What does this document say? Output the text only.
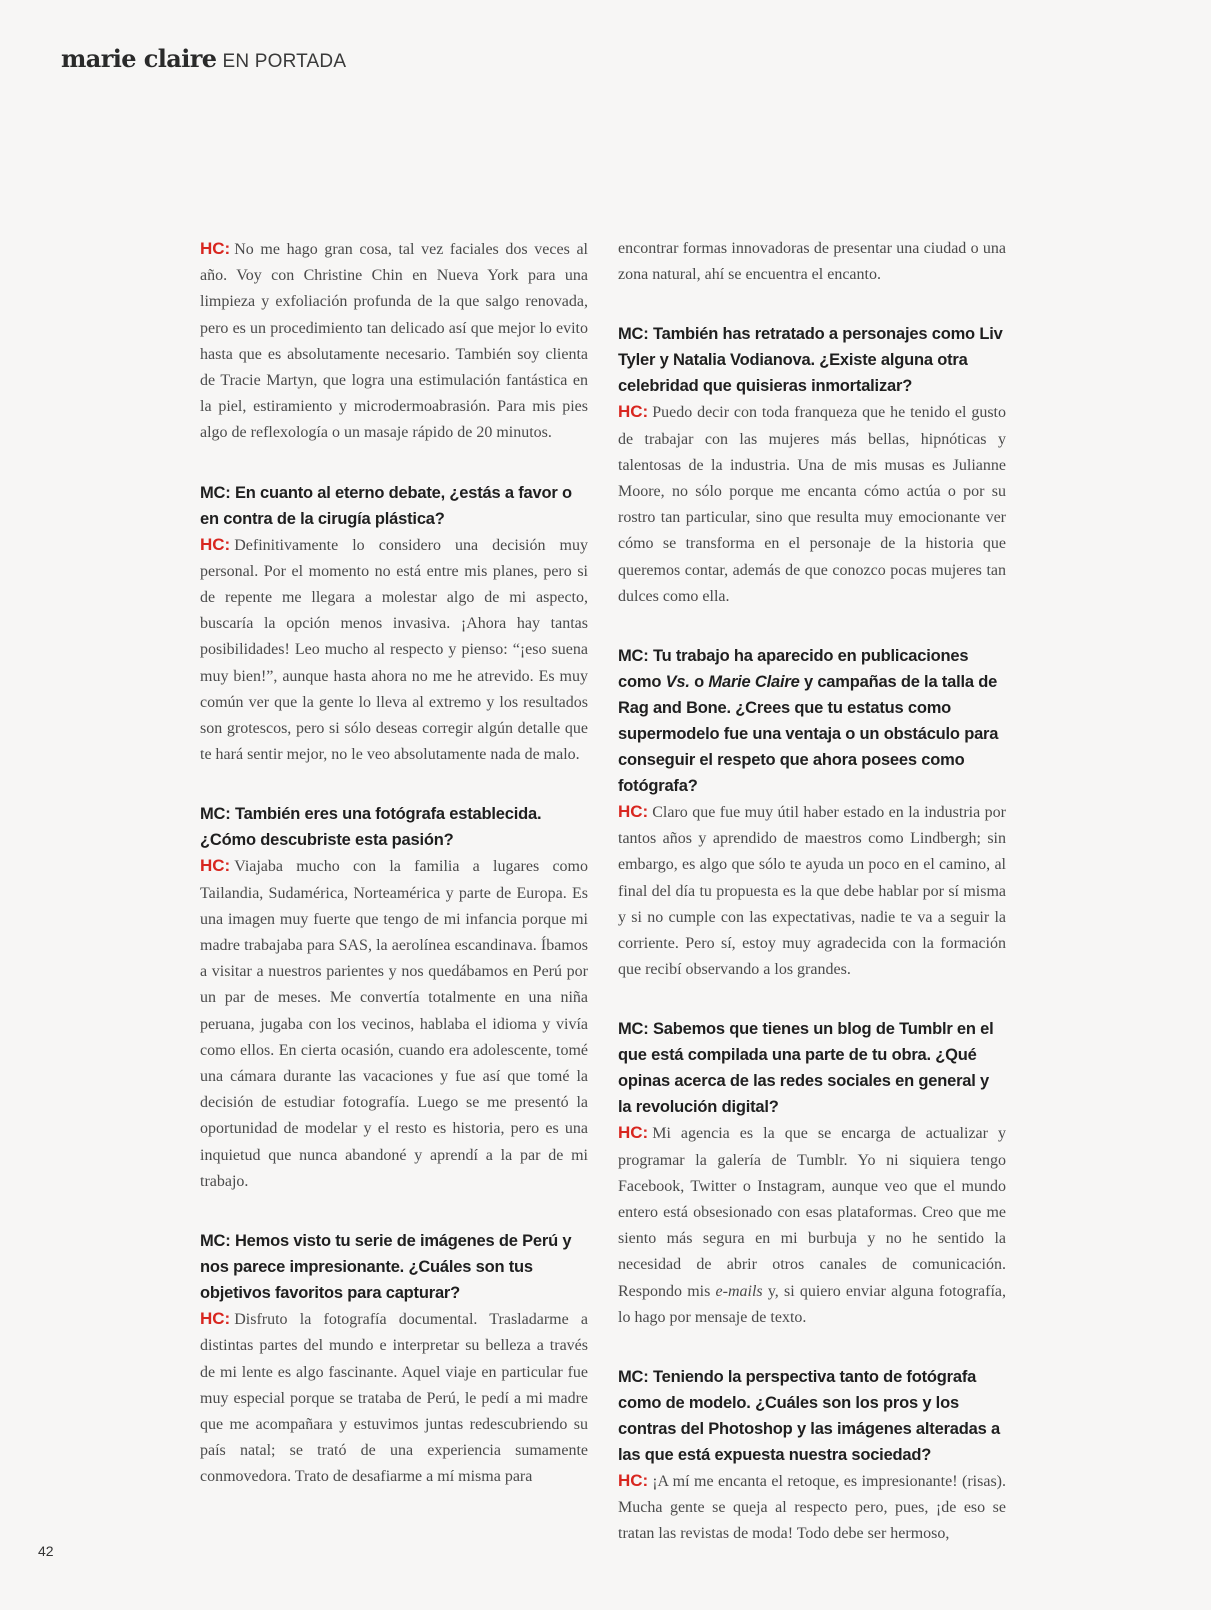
marie claire EN PORTADA
HC: No me hago gran cosa, tal vez faciales dos veces al año. Voy con Christine Chin en Nueva York para una limpieza y exfoliación profunda de la que salgo renovada, pero es un procedimiento tan delicado así que mejor lo evito hasta que es absolutamente necesario. También soy clienta de Tracie Martyn, que logra una estimulación fantástica en la piel, estiramiento y microdermoabrasión. Para mis pies algo de reflexología o un masaje rápido de 20 minutos.
MC: En cuanto al eterno debate, ¿estás a favor o en contra de la cirugía plástica?
HC: Definitivamente lo considero una decisión muy personal. Por el momento no está entre mis planes, pero si de repente me llegara a molestar algo de mi aspecto, buscaría la opción menos invasiva. ¡Ahora hay tantas posibilidades! Leo mucho al respecto y pienso: “¡eso suena muy bien!”, aunque hasta ahora no me he atrevido. Es muy común ver que la gente lo lleva al extremo y los resultados son grotescos, pero si sólo deseas corregir algún detalle que te hará sentir mejor, no le veo absolutamente nada de malo.
MC: También eres una fotógrafa establecida. ¿Cómo descubriste esta pasión?
HC: Viajaba mucho con la familia a lugares como Tailandia, Sudamérica, Norteamérica y parte de Europa. Es una imagen muy fuerte que tengo de mi infancia porque mi madre trabajaba para SAS, la aerolínea escandinava. Íbamos a visitar a nuestros parientes y nos quedábamos en Perú por un par de meses. Me convertía totalmente en una niña peruana, jugaba con los vecinos, hablaba el idioma y vivía como ellos. En cierta ocasión, cuando era adolescente, tomé una cámara durante las vacaciones y fue así que tomé la decisión de estudiar fotografía. Luego se me presentó la oportunidad de modelar y el resto es historia, pero es una inquietud que nunca abandoné y aprendí a la par de mi trabajo.
MC: Hemos visto tu serie de imágenes de Perú y nos parece impresionante. ¿Cuáles son tus objetivos favoritos para capturar?
HC: Disfruto la fotografía documental. Trasladarme a distintas partes del mundo e interpretar su belleza a través de mi lente es algo fascinante. Aquel viaje en particular fue muy especial porque se trataba de Perú, le pedí a mi madre que me acompañara y estuvimos juntas redescubriendo su país natal; se trató de una experiencia sumamente conmovedora. Trato de desafiarme a mí misma para
encontrar formas innovadoras de presentar una ciudad o una zona natural, ahí se encuentra el encanto.
MC: También has retratado a personajes como Liv Tyler y Natalia Vodianova. ¿Existe alguna otra celebridad que quisieras inmortalizar?
HC: Puedo decir con toda franqueza que he tenido el gusto de trabajar con las mujeres más bellas, hipnóticas y talentosas de la industria. Una de mis musas es Julianne Moore, no sólo porque me encanta cómo actúa o por su rostro tan particular, sino que resulta muy emocionante ver cómo se transforma en el personaje de la historia que queremos contar, además de que conozco pocas mujeres tan dulces como ella.
MC: Tu trabajo ha aparecido en publicaciones como Vs. o Marie Claire y campañas de la talla de Rag and Bone. ¿Crees que tu estatus como supermodelo fue una ventaja o un obstáculo para conseguir el respeto que ahora posees como fotógrafa?
HC: Claro que fue muy útil haber estado en la industria por tantos años y aprendido de maestros como Lindbergh; sin embargo, es algo que sólo te ayuda un poco en el camino, al final del día tu propuesta es la que debe hablar por sí misma y si no cumple con las expectativas, nadie te va a seguir la corriente. Pero sí, estoy muy agradecida con la formación que recibí observando a los grandes.
MC: Sabemos que tienes un blog de Tumblr en el que está compilada una parte de tu obra. ¿Qué opinas acerca de las redes sociales en general y la revolución digital?
HC: Mi agencia es la que se encarga de actualizar y programar la galería de Tumblr. Yo ni siquiera tengo Facebook, Twitter o Instagram, aunque veo que el mundo entero está obsesionado con esas plataformas. Creo que me siento más segura en mi burbuja y no he sentido la necesidad de abrir otros canales de comunicación. Respondo mis e-mails y, si quiero enviar alguna fotografía, lo hago por mensaje de texto.
MC: Teniendo la perspectiva tanto de fotógrafa como de modelo. ¿Cuáles son los pros y los contras del Photoshop y las imágenes alteradas a las que está expuesta nuestra sociedad?
HC: ¡A mí me encanta el retoque, es impresionante! (risas). Mucha gente se queja al respecto pero, pues, ¡de eso se tratan las revistas de moda! Todo debe ser hermoso,
42
